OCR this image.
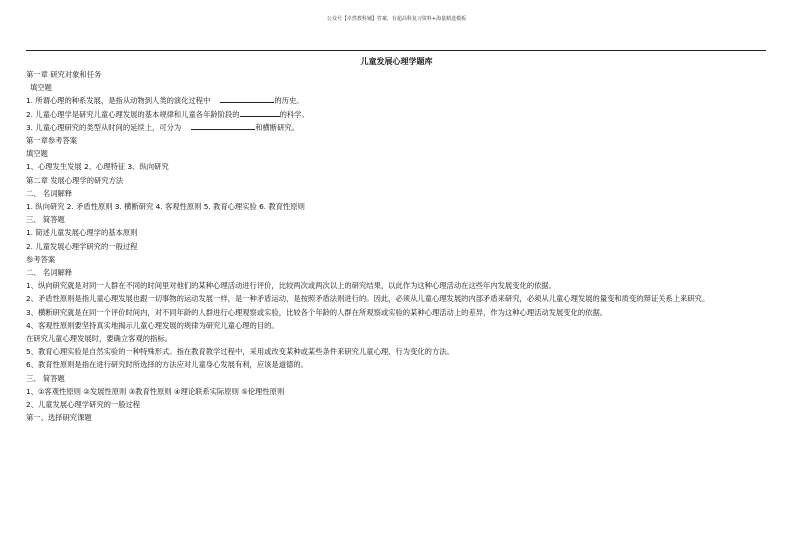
公众号【卓然教科辅】答案，有超高科复习资料+海量精选模板
儿童发展心理学题库
第一章 研究对象和任务
填空题
1. 所谓心理的种系发展，是指从动物到人类的演化过程中	的历史。
2. 儿童心理学是研究儿童心理发展的基本规律和儿童各年龄阶段的	的科学。
3. 儿童心理研究的类型从时间的延续上，可分为	和横断研究。
第一章参考答案
填空题
1、心理发生发展 2、心理特征 3、纵向研究
第二章 发展心理学的研究方法
二、 名词解释
1. 纵向研究 2. 矛盾性原则 3. 横断研究 4. 客观性原则 5. 教育心理实验 6. 教育性原则
三、 简答题
1. 简述儿童发展心理学的基本原则
2. 儿童发展心理学研究的一般过程
参考答案
二、 名词解释
1、纵向研究就是对同一人群在不同的时间里对他们的某种心理活动进行评价，比较两次或两次以上的研究结果，以此作为这种心理活动在这些年内发展变化的依据。
2、矛盾性原则是指儿童心理发展也跟一切事物的运动发展一样，是一种矛盾运动，是按照矛盾法则进行的。因此，必须从儿童心理发展的内部矛盾来研究，必须从儿童心理发展的量变和质变的辩证关系上来研究。
3、横断研究就是在同一个评价时间内，对不同年龄的人群进行心理观察或实验，比较各个年龄的人群在所观察或实验的某种心理活动上的差异，作为这种心理活动发展变化的依据。
4、客观性原则要坚持真实地揭示儿童心理发展的规律为研究儿童心理的目的。
在研究儿童心理发展时，要确立客观的指标。
5、教育心理实验是自然实验的一种特殊形式。指在教育教学过程中，采用或改变某种或某些条件来研究儿童心理、行为变化的方法。
6、教育性原则是指在进行研究时所选择的方法应对儿童身心发展有利，应该是道德的。
三、 简答题
1、①客观性原则 ②发展性原则 ③教育性原则 ④理论联系实际原则 ⑤伦理性原则
2、儿童发展心理学研究的一般过程
第一、选择研究课题
